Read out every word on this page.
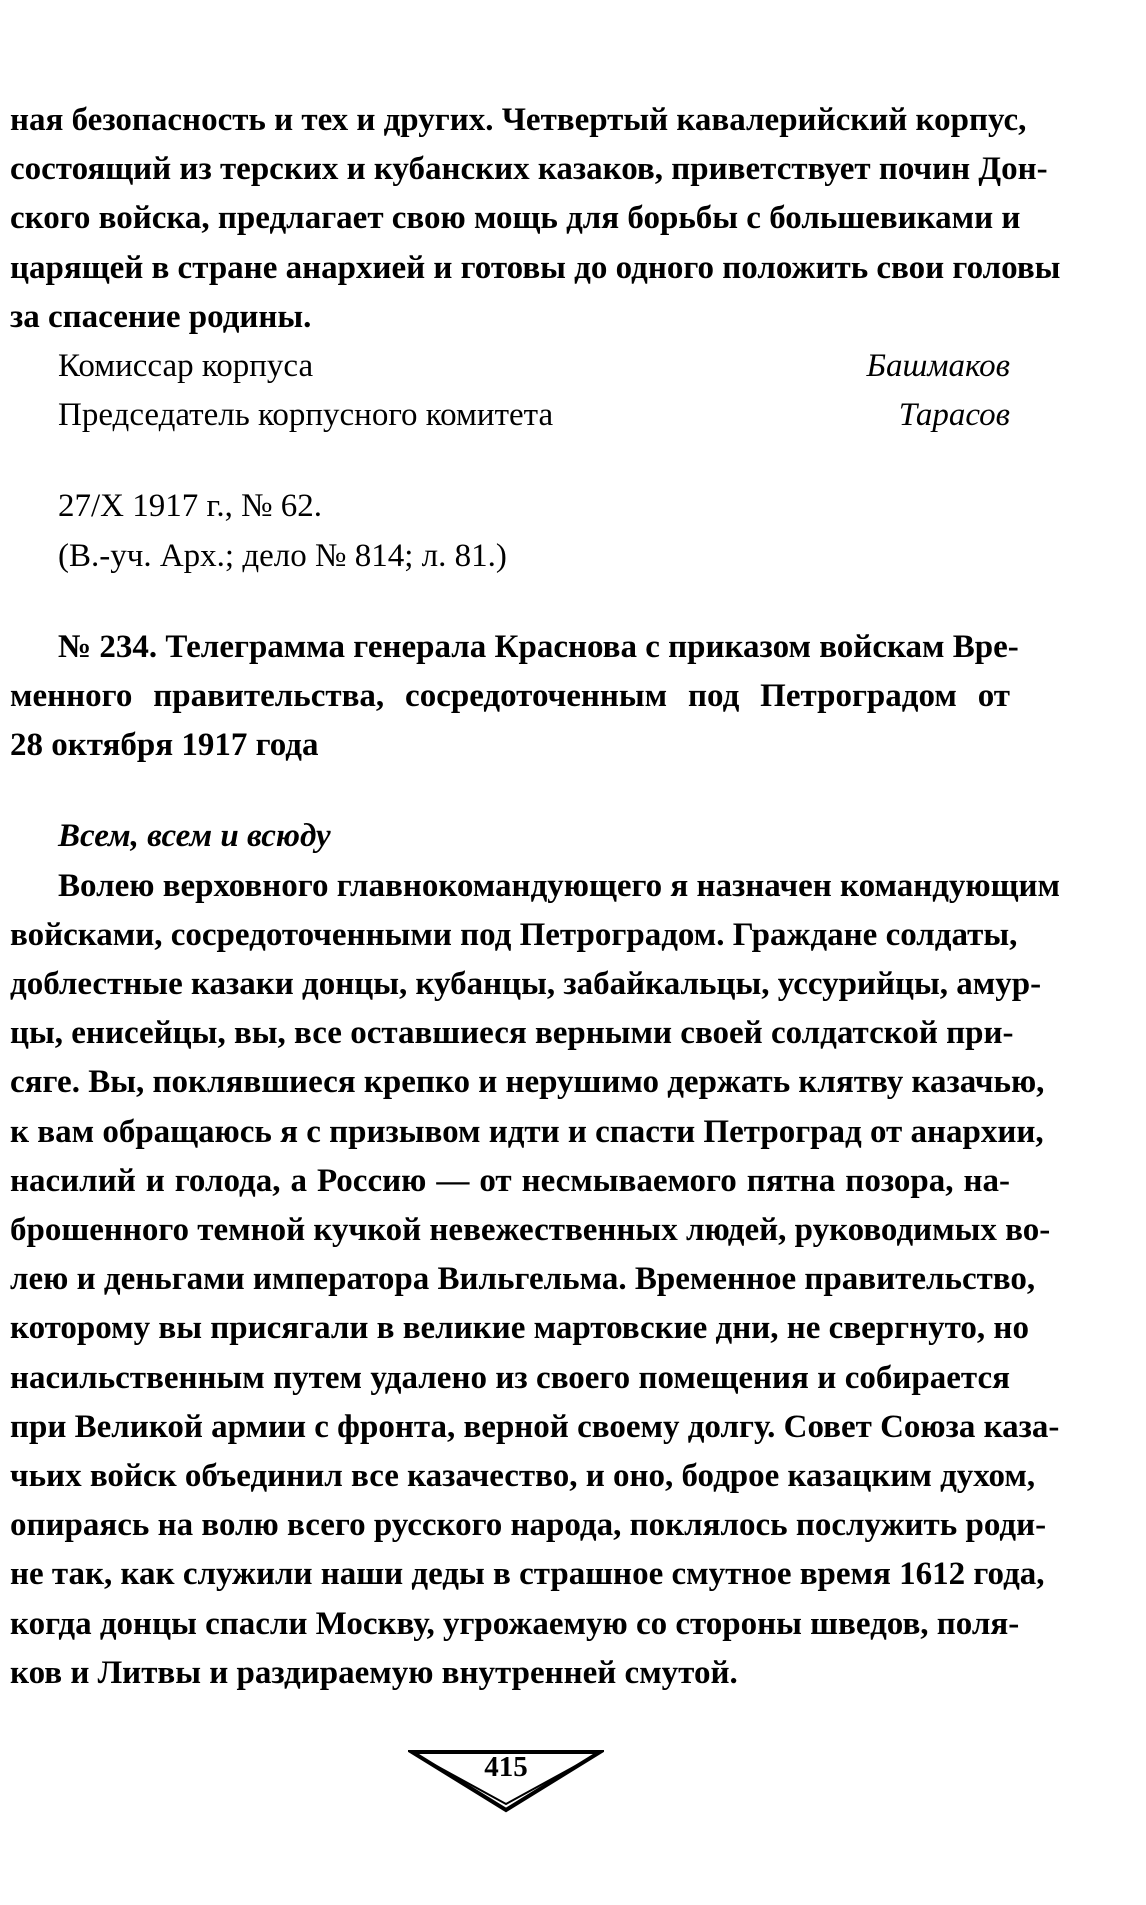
ная безопасность и тех и других. Четвертый кавалерийский корпус,
состоящий из терских и кубанских казаков, приветствует почин Дон-
ского войска, предлагает свою мощь для борьбы с большевиками и
царящей в стране анархией и готовы до одного положить свои головы
за спасение родины.
Комиссар корпуса	Башмаков
Председатель корпусного комитета	Тарасов
27/X 1917 г., № 62.
(В.-уч. Арх.; дело № 814; л. 81.)
№ 234. Телеграмма генерала Краснова с приказом войскам Вре-
менного правительства, сосредоточенным под Петроградом от
28 октября 1917 года
Всем, всем и всюду
Волею верховного главнокомандующего я назначен командующим
войсками, сосредоточенными под Петроградом. Граждане солдаты,
доблестные казаки донцы, кубанцы, забайкальцы, уссурийцы, амур-
цы, енисейцы, вы, все оставшиеся верными своей солдатской при-
сяге. Вы, поклявшиеся крепко и нерушимо держать клятву казачью,
к вам обращаюсь я с призывом идти и спасти Петроград от анархии,
насилий и голода, а Россию — от несмываемого пятна позора, на-
брошенного темной кучкой невежественных людей, руководимых во-
лею и деньгами императора Вильгельма. Временное правительство,
которому вы присягали в великие мартовские дни, не свергнуто, но
насильственным путем удалено из своего помещения и собирается
при Великой армии с фронта, верной своему долгу. Совет Союза каза-
чьих войск объединил все казачество, и оно, бодрое казацким духом,
опираясь на волю всего русского народа, поклялось послужить роди-
не так, как служили наши деды в страшное смутное время 1612 года,
когда донцы спасли Москву, угрожаемую со стороны шведов, поля-
ков и Литвы и раздираемую внутренней смутой.
415
